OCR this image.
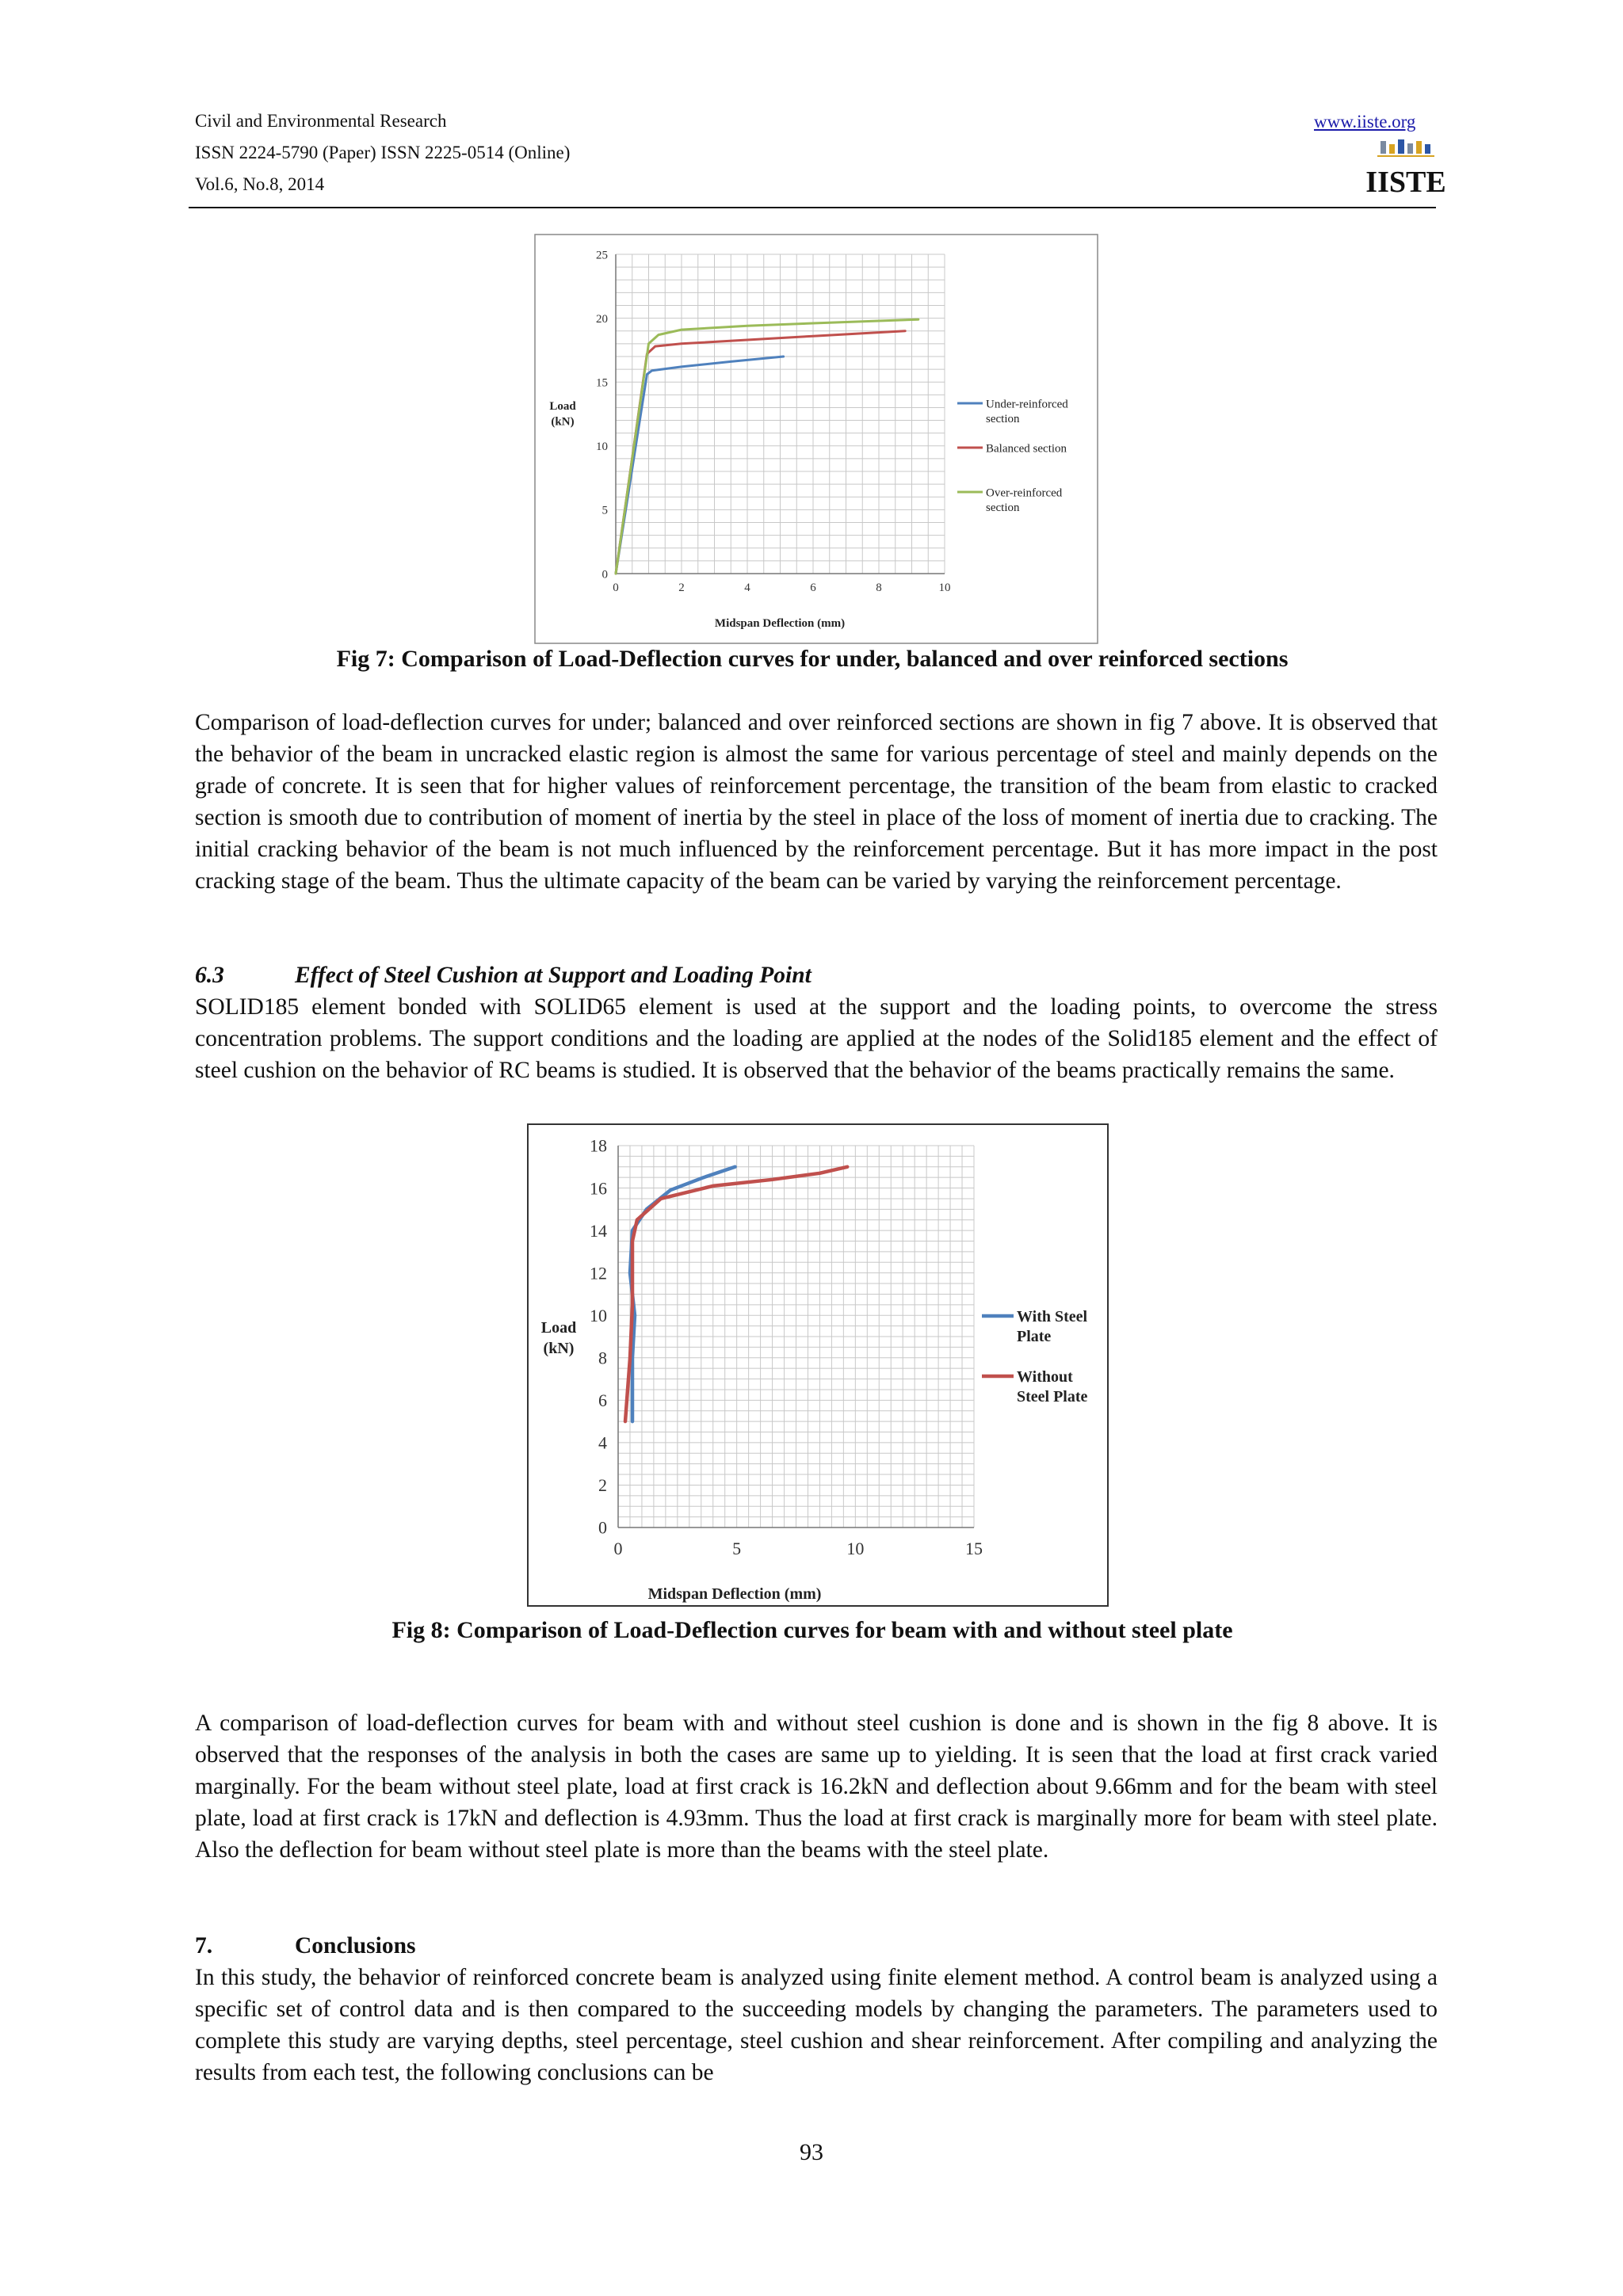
Civil and Environmental Research
ISSN 2224-5790 (Paper) ISSN 2225-0514 (Online)
Vol.6, No.8, 2014
www.iiste.org
IISTE
0	2	4	6	8	10
0
5
10
15
20
25
Midspan Deflection (mm)
Load
(kN)
Under-reinforced
section
Balanced section
Over-reinforced
section
Fig 7: Comparison of Load-Deflection curves for under, balanced and over reinforced sections
Comparison of load-deflection curves for under; balanced and over reinforced sections are shown in fig 7 above. It is observed that the behavior of the beam in uncracked elastic region is almost the same for various percentage of steel and mainly depends on the grade of concrete. It is seen that for higher values of reinforcement percentage, the transition of the beam from elastic to cracked section is smooth due to contribution of moment of inertia by the steel in place of the loss of moment of inertia due to cracking. The initial cracking behavior of the beam is not much influenced by the reinforcement percentage. But it has more impact in the post cracking stage of the beam. Thus the ultimate capacity of the beam can be varied by varying the reinforcement percentage.
6.3	Effect of Steel Cushion at Support and Loading Point
SOLID185 element bonded with SOLID65 element is used at the support and the loading points, to overcome the stress concentration problems. The support conditions and the loading are applied at the nodes of the Solid185 element and the effect of steel cushion on the behavior of RC beams is studied. It is observed that the behavior of the beams practically remains the same.
0	5	10	15
0
2
4
6
8
10
12
14
16
18
Midspan Deflection (mm)
Load
(kN)
With Steel
Plate
Without
Steel Plate
Fig 8: Comparison of Load-Deflection curves for beam with and without steel plate
A comparison of load-deflection curves for beam with and without steel cushion is done and is shown in the fig 8 above. It is observed that the responses of the analysis in both the cases are same up to yielding. It is seen that the load at first crack varied marginally. For the beam without steel plate, load at first crack is 16.2kN and deflection about 9.66mm and for the beam with steel plate, load at first crack is 17kN and deflection is 4.93mm. Thus the load at first crack is marginally more for beam with steel plate. Also the deflection for beam without steel plate is more than the beams with the steel plate.
7.	Conclusions
In this study, the behavior of reinforced concrete beam is analyzed using finite element method. A control beam is analyzed using a specific set of control data and is then compared to the succeeding models by changing the parameters. The parameters used to complete this study are varying depths, steel percentage, steel cushion and shear reinforcement. After compiling and analyzing the results from each test, the following conclusions can be
93
